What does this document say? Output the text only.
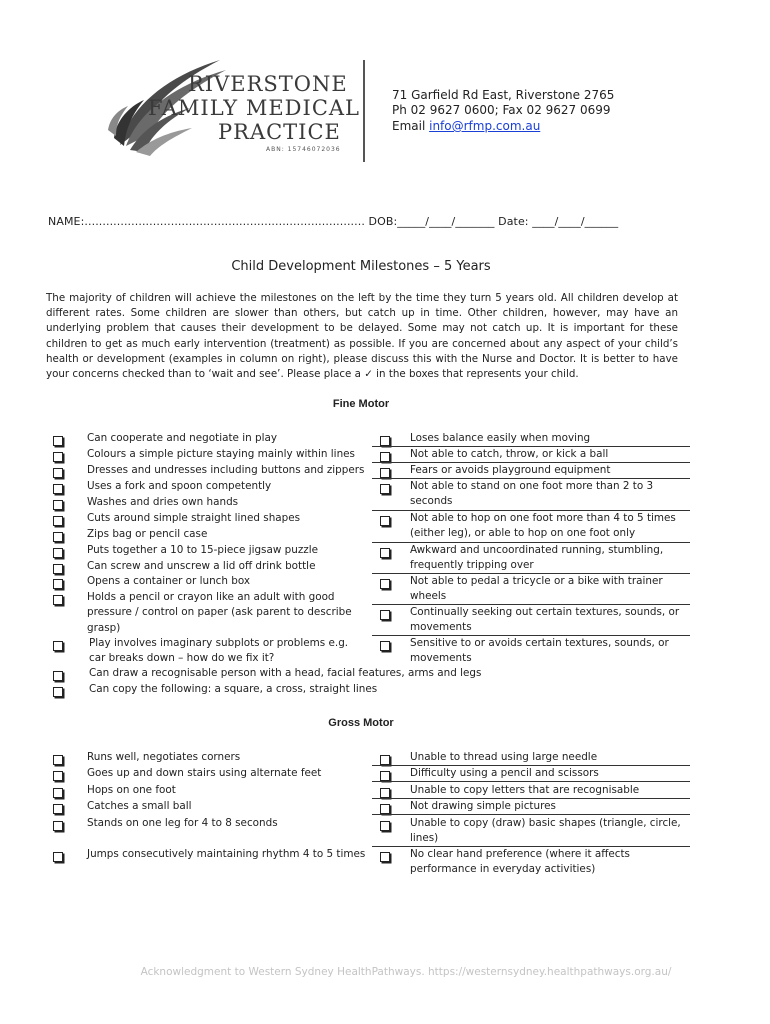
RIVERSTONE
FAMILY MEDICAL
PRACTICE
ABN: 15746072036
71 Garfield Rd East, Riverstone 2765
Ph 02 9627 0600; Fax 02 9627 0699
Email info@rfmp.com.au
NAME:.............................................................................. DOB:_____/____/_______ Date: ____/____/______
Child Development Milestones – 5 Years
The majority of children will achieve the milestones on the left by the time they turn 5 years old. All children develop at different rates. Some children are slower than others, but catch up in time. Other children, however, may have an underlying problem that causes their development to be delayed. Some may not catch up. It is important for these children to get as much early intervention (treatment) as possible. If you are concerned about any aspect of your child’s health or development (examples in column on right), please discuss this with the Nurse and Doctor. It is better to have your concerns checked than to ‘wait and see’. Please place a ✓ in the boxes that represents your child.
Fine Motor
Can cooperate and negotiate in play
Colours a simple picture staying mainly within lines
Dresses and undresses including buttons and zippers
Uses a fork and spoon competently
Washes and dries own hands
Cuts around simple straight lined shapes
Zips bag or pencil case
Puts together a 10 to 15-piece jigsaw puzzle
Can screw and unscrew a lid off drink bottle
Opens a container or lunch box
Holds a pencil or crayon like an adult with good
pressure / control on paper (ask parent to describe
grasp)
Play involves imaginary subplots or problems e.g.
car breaks down – how do we fix it?
Can draw a recognisable person with a head, facial features, arms and legs
Can copy the following: a square, a cross, straight lines
Loses balance easily when moving
Not able to catch, throw, or kick a ball
Fears or avoids playground equipment
Not able to stand on one foot more than 2 to 3
seconds
Not able to hop on one foot more than 4 to 5 times
(either leg), or able to hop on one foot only
Awkward and uncoordinated running, stumbling,
frequently tripping over
Not able to pedal a tricycle or a bike with trainer
wheels
Continually seeking out certain textures, sounds, or
movements
Sensitive to or avoids certain textures, sounds, or
movements
Gross Motor
Runs well, negotiates corners
Goes up and down stairs using alternate feet
Hops on one foot
Catches a small ball
Stands on one leg for 4 to 8 seconds
Jumps consecutively maintaining rhythm 4 to 5 times
Unable to thread using large needle
Difficulty using a pencil and scissors
Unable to copy letters that are recognisable
Not drawing simple pictures
Unable to copy (draw) basic shapes (triangle, circle,
lines)
No clear hand preference (where it affects
performance in everyday activities)
Acknowledgment to Western Sydney HealthPathways. https://westernsydney.healthpathways.org.au/
